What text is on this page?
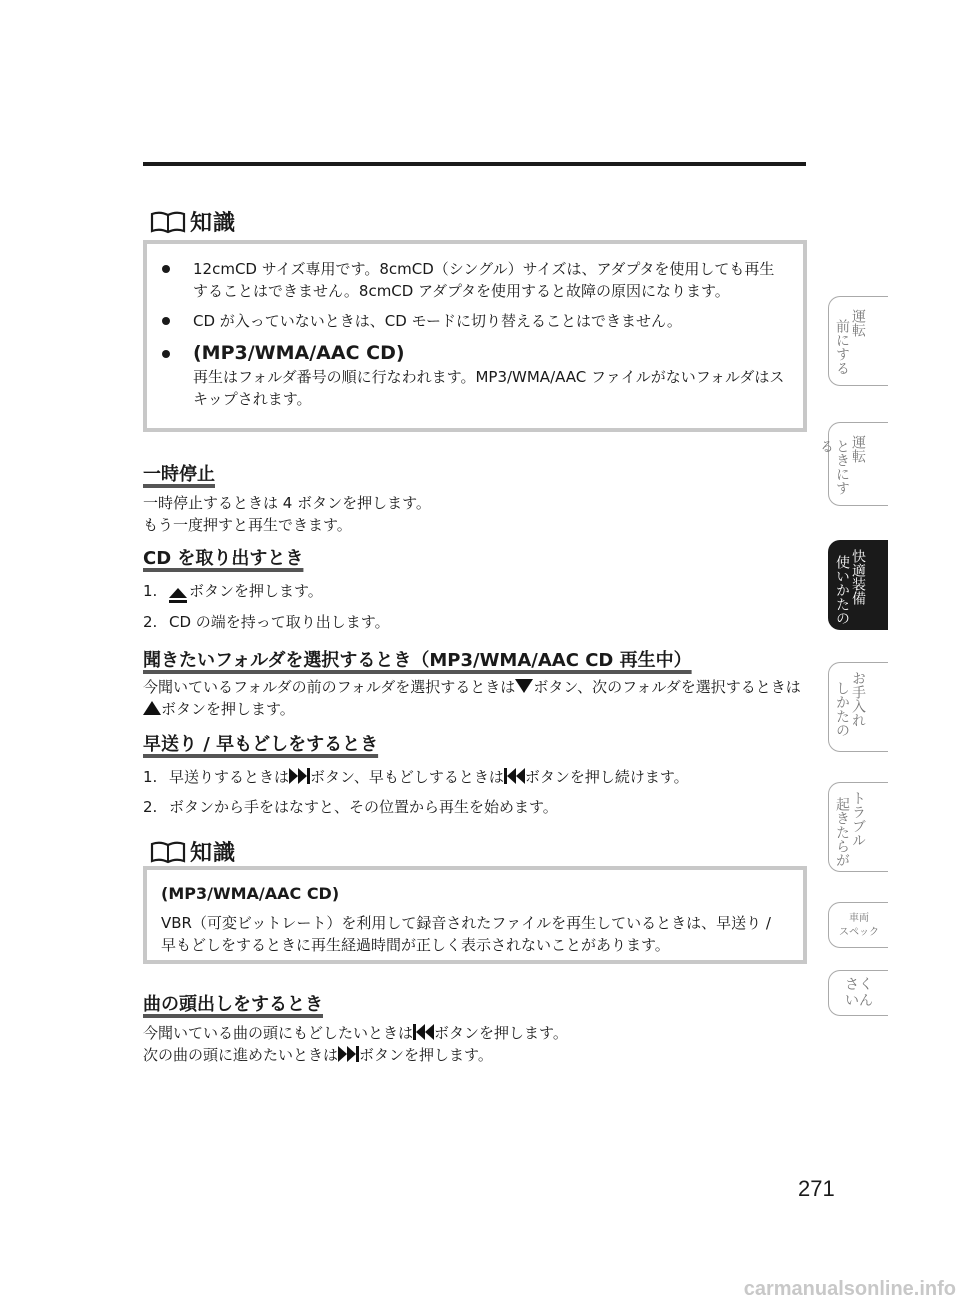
知識
12cmCD サイズ専用です。8cmCD（シングル）サイズは、アダプタを使用しても再生することはできません。8cmCD アダプタを使用すると故障の原因になります。
CD が入っていないときは、CD モードに切り替えることはできません。
(MP3/WMA/AAC CD)
再生はフォルダ番号の順に行なわれます。MP3/WMA/AAC ファイルがないフォルダはスキップされます。
一時停止

一時停止するときは 4 ボタンを押します。

もう一度押すと再生できます。

CD を取り出すとき
1.	ボタンを押します。
2. CD の端を持って取り出します。
聞きたいフォルダを選択するとき（MP3/WMA/AAC CD 再生中）
今聞いているフォルダの前のフォルダを選択するときは ボタン、次のフォルダを選択するときはボタンを押します。
早送り / 早もどしをするとき
1. 早送りするときは ボタン、早もどしするときは ボタンを押し続けます。
2. ボタンから手をはなすと、その位置から再生を始めます。
知識
(MP3/WMA/AAC CD)
VBR（可変ビットレート）を利用して録音されたファイルを再生しているときは、早送り / 早もどしをするときに再生経過時間が正しく表示されないことがあります。
曲の頭出しをするとき

今聞いている曲の頭にもどしたいときは ボタンを押します。

次の曲の頭に進めたいときは ボタンを押します。

運転
前にする
運転
ときにする
快適装備
使いかたの
お手入れ
しかたの
トラブル
起きたらが
車両
スペック
さく
いん
271
carmanualsonline.info
